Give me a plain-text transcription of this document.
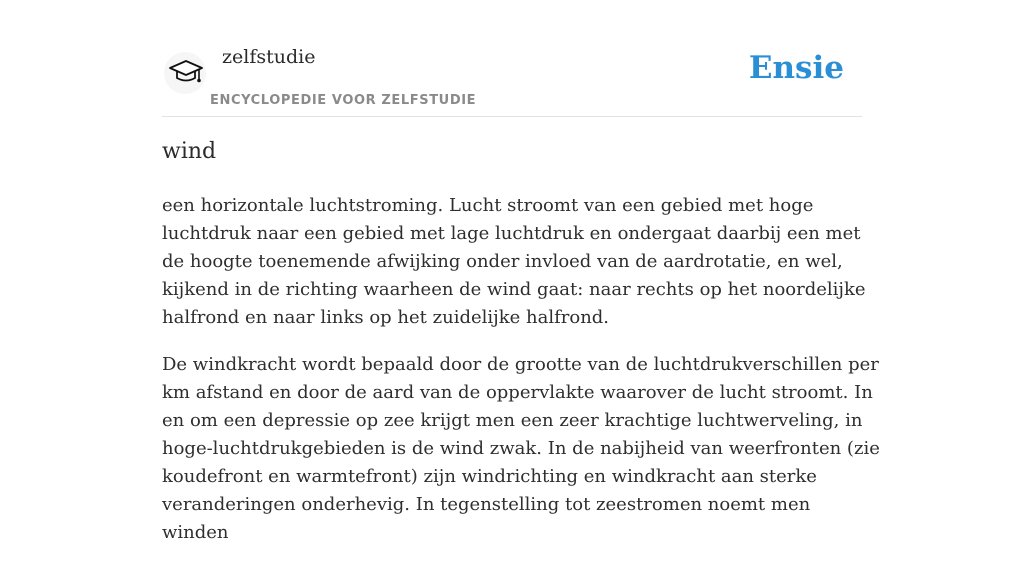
zelfstudie
ENCYCLOPEDIE VOOR ZELFSTUDIE
Ensie
wind

een horizontale luchtstroming. Lucht stroomt van een gebied met hoge luchtdruk naar een gebied met lage luchtdruk en ondergaat daarbij een met de hoogte toenemende afwijking onder invloed van de aardrotatie, en wel, kijkend in de richting waarheen de wind gaat: naar rechts op het noordelijke halfrond en naar links op het zuidelijke halfrond.

De windkracht wordt bepaald door de grootte van de luchtdrukverschillen per km afstand en door de aard van de oppervlakte waarover de lucht stroomt. In en om een depressie op zee krijgt men een zeer krachtige luchtwerveling, in hoge-luchtdrukgebieden is de wind zwak. In de nabijheid van weerfronten (zie koudefront en warmtefront) zijn windrichting en windkracht aan sterke veranderingen onderhevig. In tegenstelling tot zeestromen noemt men winden
